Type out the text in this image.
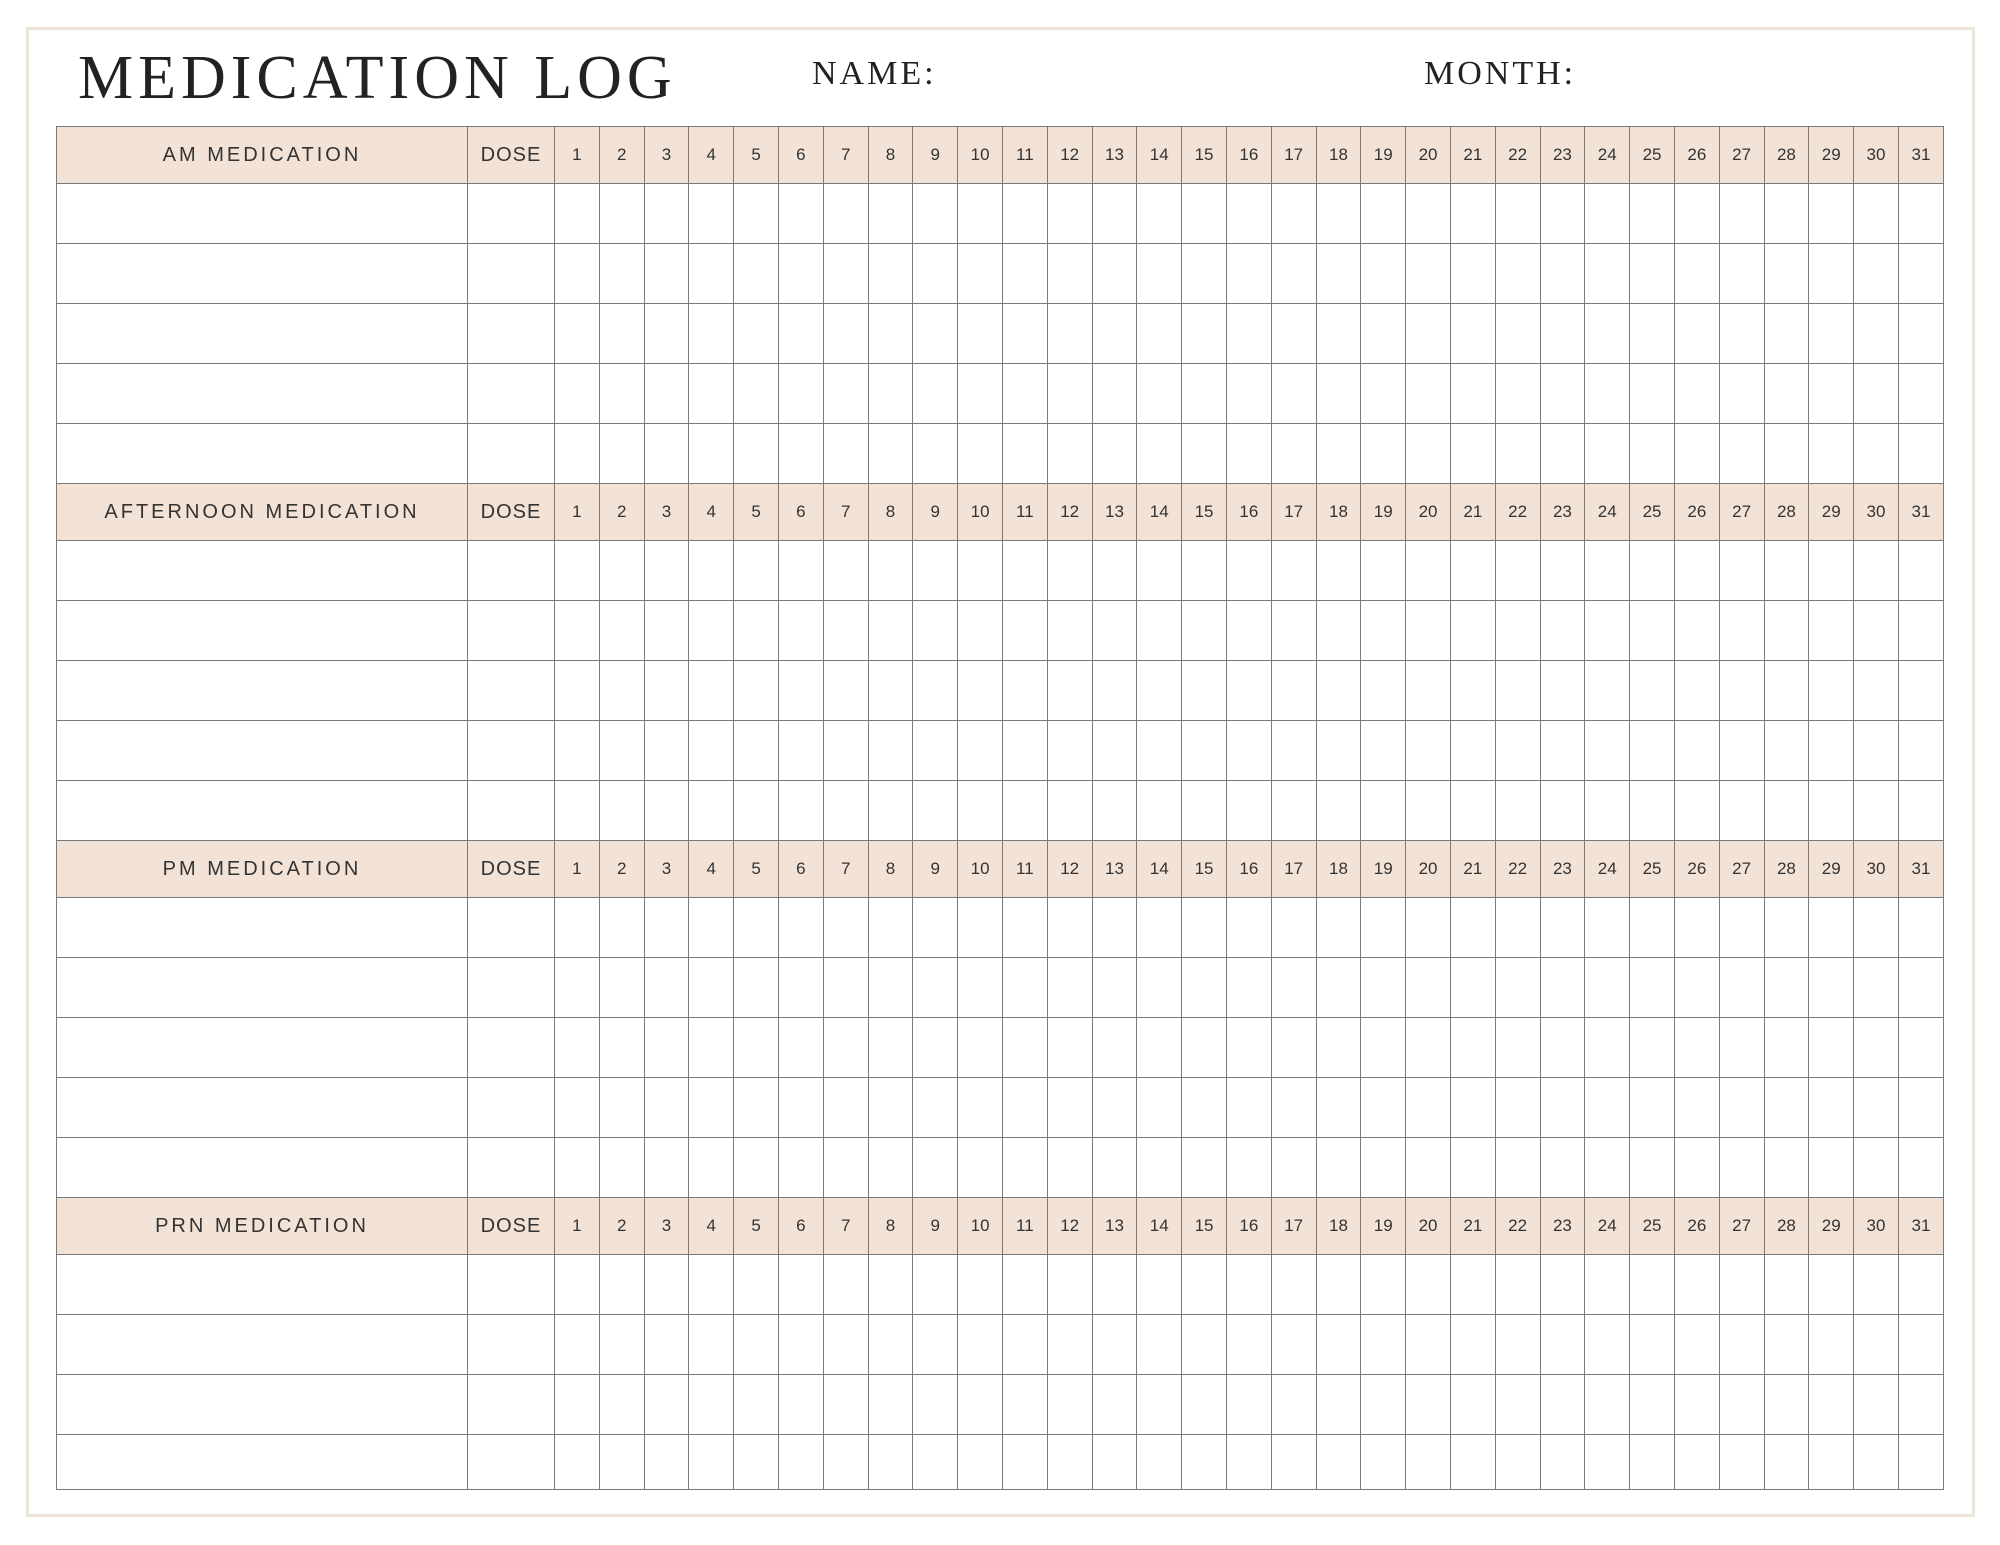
MEDICATION LOG	NAME:	MONTH:
AM MEDICATION	DOSE	1	2	3	4	5	6	7	8	9	10	11	12	13	14	15	16	17	18	19	20	21	22	23	24	25	26	27	28	29	30	31

AFTERNOON MEDICATION	DOSE	1	2	3	4	5	6	7	8	9	10	11	12	13	14	15	16	17	18	19	20	21	22	23	24	25	26	27	28	29	30	31

PM MEDICATION	DOSE	1	2	3	4	5	6	7	8	9	10	11	12	13	14	15	16	17	18	19	20	21	22	23	24	25	26	27	28	29	30	31

PRN MEDICATION	DOSE	1	2	3	4	5	6	7	8	9	10	11	12	13	14	15	16	17	18	19	20	21	22	23	24	25	26	27	28	29	30	31
